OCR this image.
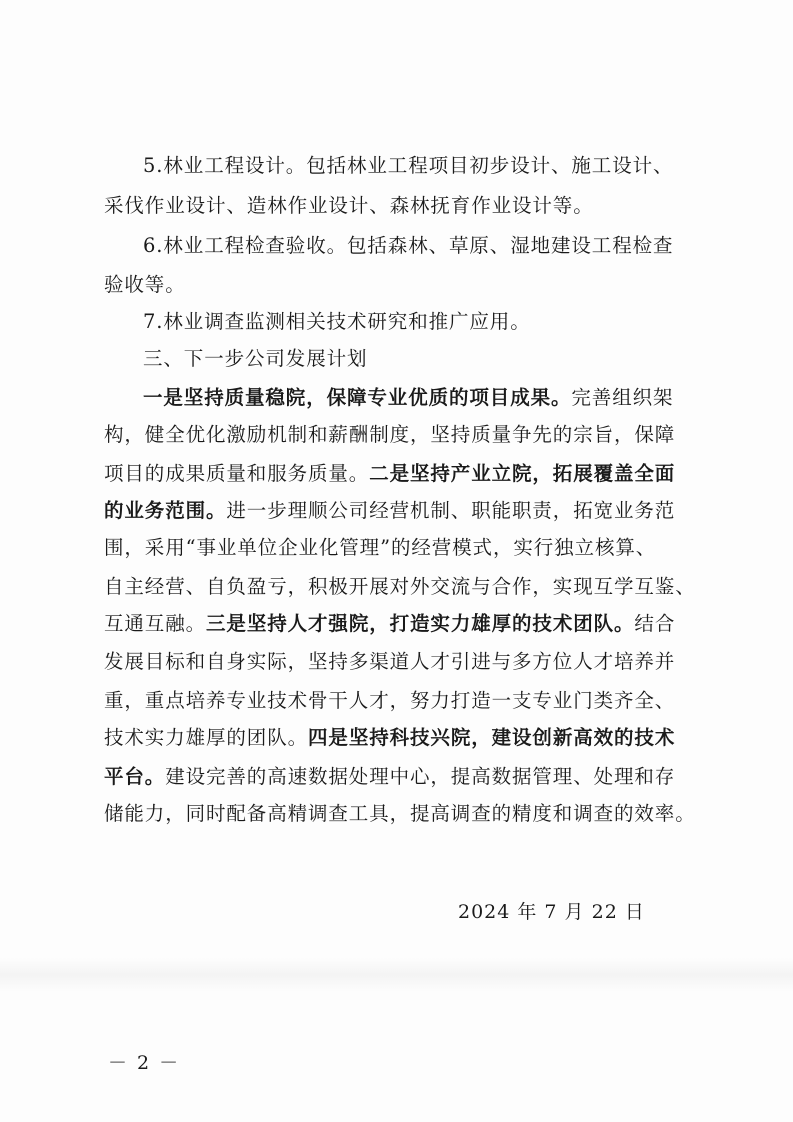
5.林业工程设计。包括林业工程项目初步设计、施工设计、
采伐作业设计、造林作业设计、森林抚育作业设计等。
6.林业工程检查验收。包括森林、草原、湿地建设工程检查
验收等。
7.林业调查监测相关技术研究和推广应用。
三、下一步公司发展计划
一是坚持质量稳院，保障专业优质的项目成果。完善组织架
构，健全优化激励机制和薪酬制度，坚持质量争先的宗旨，保障
项目的成果质量和服务质量。二是坚持产业立院，拓展覆盖全面
的业务范围。进一步理顺公司经营机制、职能职责，拓宽业务范
围，采用“事业单位企业化管理”的经营模式，实行独立核算、
自主经营、自负盈亏，积极开展对外交流与合作，实现互学互鉴、
互通互融。三是坚持人才强院，打造实力雄厚的技术团队。结合
发展目标和自身实际，坚持多渠道人才引进与多方位人才培养并
重，重点培养专业技术骨干人才，努力打造一支专业门类齐全、
技术实力雄厚的团队。四是坚持科技兴院，建设创新高效的技术
平台。建设完善的高速数据处理中心，提高数据管理、处理和存
储能力，同时配备高精调查工具，提高调查的精度和调查的效率。
2024 年 7 月 22 日
－ 2 －
